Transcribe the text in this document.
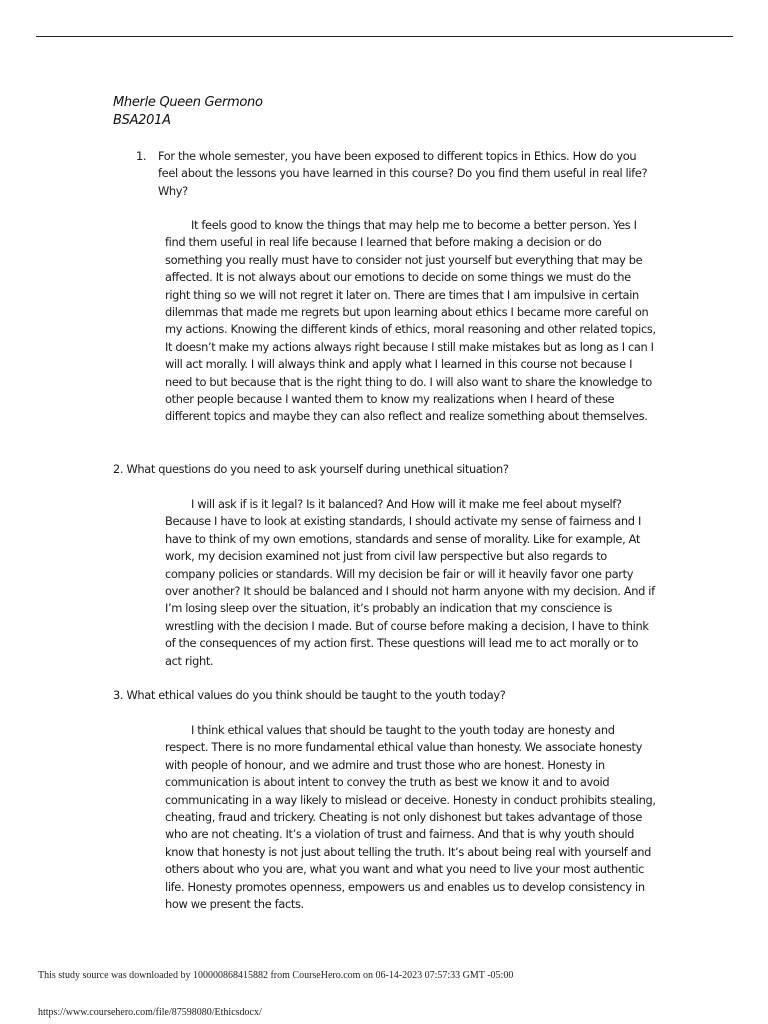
Mherle Queen Germono
BSA201A
1.	For the whole semester, you have been exposed to different topics in Ethics. How do you feel about the lessons you have learned in this course? Do you find them useful in real life? Why?

It feels good to know the things that may help me to become a better person. Yes I find them useful in real life because I learned that before making a decision or do something you really must have to consider not just yourself but everything that may be affected. It is not always about our emotions to decide on some things we must do the right thing so we will not regret it later on. There are times that I am impulsive in certain dilemmas that made me regrets but upon learning about ethics I became more careful on my actions. Knowing the different kinds of ethics, moral reasoning and other related topics, It doesn’t make my actions always right because I still make mistakes but as long as I can I will act morally. I will always think and apply what I learned in this course not because I need to but because that is the right thing to do. I will also want to share the knowledge to other people because I wanted them to know my realizations when I heard of these different topics and maybe they can also reflect and realize something about themselves.

2. What questions do you need to ask yourself during unethical situation?

I will ask if is it legal? Is it balanced? And How will it make me feel about myself? Because I have to look at existing standards, I should activate my sense of fairness and I have to think of my own emotions, standards and sense of morality. Like for example, At work, my decision examined not just from civil law perspective but also regards to company policies or standards. Will my decision be fair or will it heavily favor one party over another? It should be balanced and I should not harm anyone with my decision. And if I’m losing sleep over the situation, it’s probably an indication that my conscience is wrestling with the decision I made. But of course before making a decision, I have to think of the consequences of my action first. These questions will lead me to act morally or to act right.

3. What ethical values do you think should be taught to the youth today?

I think ethical values that should be taught to the youth today are honesty and respect. There is no more fundamental ethical value than honesty. We associate honesty with people of honour, and we admire and trust those who are honest. Honesty in communication is about intent to convey the truth as best we know it and to avoid communicating in a way likely to mislead or deceive. Honesty in conduct prohibits stealing, cheating, fraud and trickery. Cheating is not only dishonest but takes advantage of those who are not cheating. It’s a violation of trust and fairness. And that is why youth should know that honesty is not just about telling the truth. It’s about being real with yourself and others about who you are, what you want and what you need to live your most authentic life. Honesty promotes openness, empowers us and enables us to develop consistency in how we present the facts.

This study source was downloaded by 100000868415882 from CourseHero.com on 06-14-2023 07:57:33 GMT -05:00
https://www.coursehero.com/file/87598080/Ethicsdocx/
